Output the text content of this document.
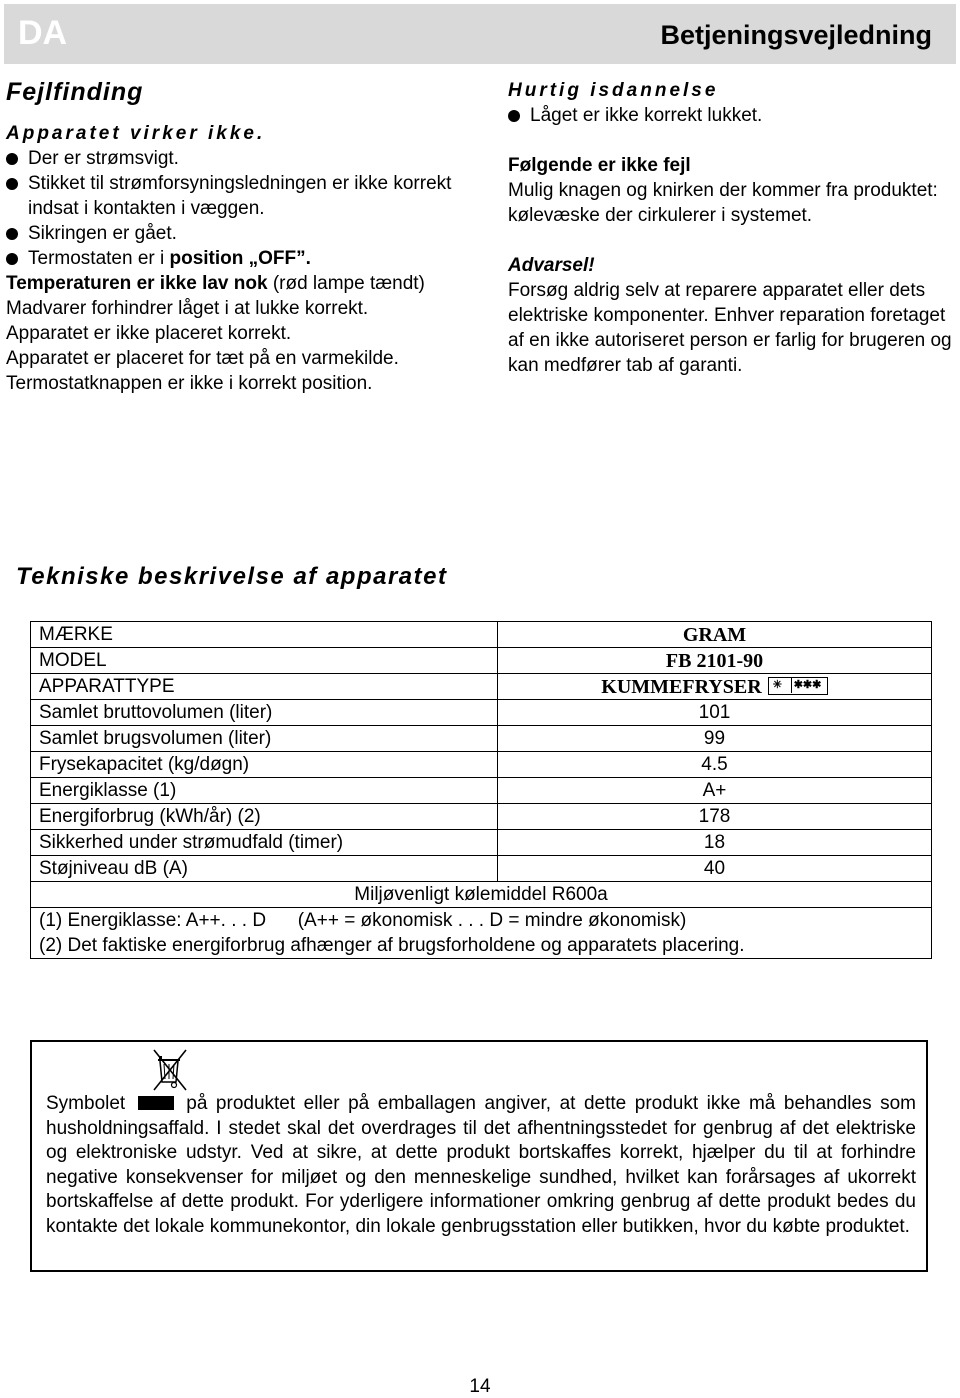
DA	Betjeningsvejledning
Fejlfinding
Apparatet virker ikke.
Der er strømsvigt.
Stikket til strømforsyningsledningen er ikke korrekt indsat i kontakten i væggen.
Sikringen er gået.
Termostaten er i position „OFF”.
Temperaturen er ikke lav nok (rød lampe tændt)
Madvarer forhindrer låget i at lukke korrekt.
Apparatet er ikke placeret korrekt.
Apparatet er placeret for tæt på en varmekilde.
Termostatknappen er ikke i korrekt position.
Hurtig isdannelse
Låget er ikke korrekt lukket.
Følgende er ikke fejl
Mulig knagen og knirken der kommer fra produktet: kølevæske der cirkulerer i systemet.
Advarsel!
Forsøg aldrig selv at reparere apparatet eller dets elektriske komponenter. Enhver reparation foretaget af en ikke autoriseret person er farlig for brugeren og kan medfører tab af garanti.
Tekniske beskrivelse af apparatet
MÆRKE	GRAM
MODEL	FB 2101-90
APPARATTYPE	KUMMEFRYSER ✳ ✱✱✱

Samlet bruttovolumen (liter)	101
Samlet brugsvolumen (liter)	99
Frysekapacitet (kg/døgn)	4.5
Energiklasse (1)	A+
Energiforbrug (kWh/år) (2)	178
Sikkerhed under strømudfald (timer)	18
Støjniveau dB (A)	40
Miljøvenligt kølemiddel R600a	
(1) Energiklasse: A++. . . D      (A++ = økonomisk . . . D = mindre økonomisk)	
(2) Det faktiske energiforbrug afhænger af brugsforholdene og apparatets placering.	
Symbolet	på produktet eller på emballagen angiver, at dette produkt ikke må behandles som husholdningsaffald. I stedet skal det overdrages til det afhentningsstedet for genbrug af det elektriske og elektroniske udstyr. Ved at sikre, at dette produkt bortskaffes korrekt, hjælper du til at forhindre negative konsekvenser for miljøet og den menneskelige sundhed, hvilket kan forårsages af ukorrekt bortskaffelse af dette produkt. For yderligere informationer omkring genbrug af dette produkt bedes du kontakte det lokale kommunekontor, din lokale genbrugsstation eller butikken, hvor du købte produktet.
14
